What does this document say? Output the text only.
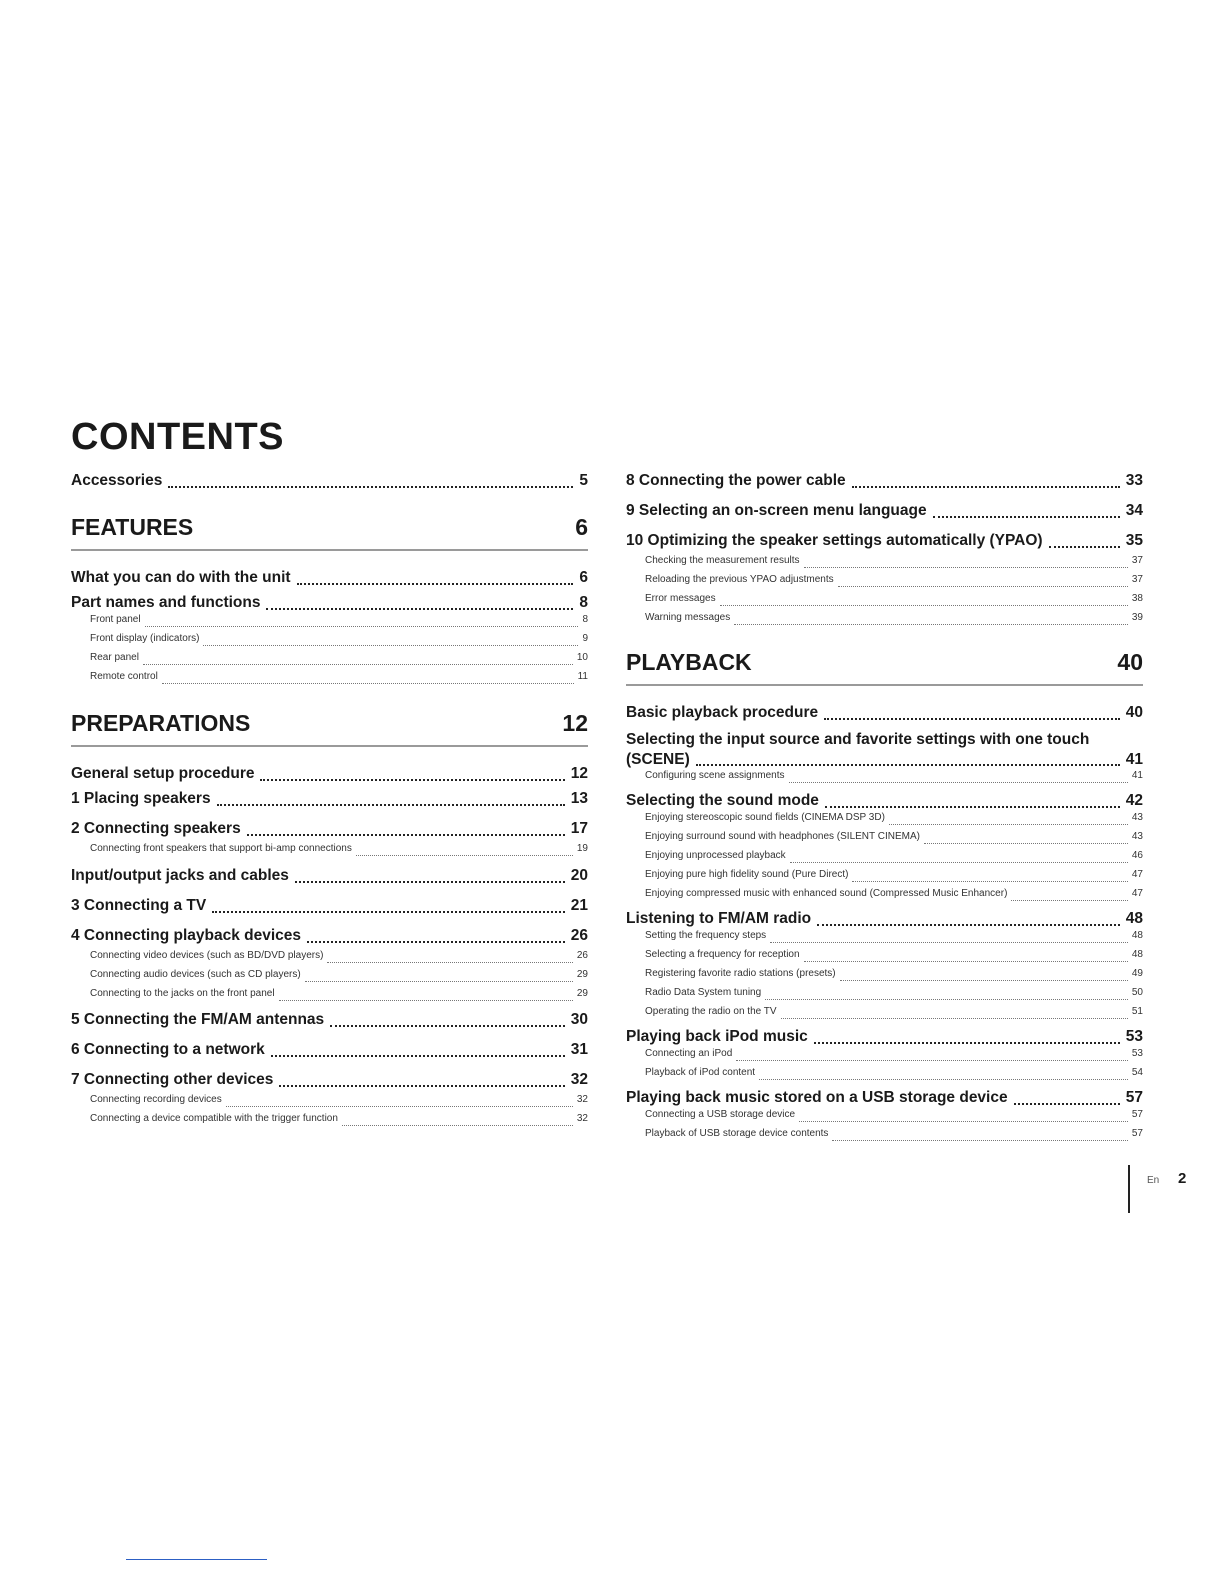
CONTENTS
Accessories	5
FEATURES	6
What you can do with the unit	6
Part names and functions	8
Front panel	8
Front display (indicators)	9
Rear panel	10
Remote control	11
PREPARATIONS	12
General setup procedure	12
1 Placing speakers	13
2 Connecting speakers	17
Connecting front speakers that support bi-amp connections	19
Input/output jacks and cables	20
3 Connecting a TV	21
4 Connecting playback devices	26
Connecting video devices (such as BD/DVD players)	26
Connecting audio devices (such as CD players)	29
Connecting to the jacks on the front panel	29
5 Connecting the FM/AM antennas	30
6 Connecting to a network	31
7 Connecting other devices	32
Connecting recording devices	32
Connecting a device compatible with the trigger function	32
8 Connecting the power cable	33
9 Selecting an on-screen menu language	34
10 Optimizing the speaker settings automatically (YPAO)	35
Checking the measurement results	37
Reloading the previous YPAO adjustments	37
Error messages	38
Warning messages	39
PLAYBACK	40
Basic playback procedure	40
Selecting the input source and favorite settings with one touch
(SCENE)	41
Configuring scene assignments	41
Selecting the sound mode	42
Enjoying stereoscopic sound fields (CINEMA DSP 3D)	43
Enjoying surround sound with headphones (SILENT CINEMA)	43
Enjoying unprocessed playback	46
Enjoying pure high fidelity sound (Pure Direct)	47
Enjoying compressed music with enhanced sound (Compressed Music Enhancer)	47
Listening to FM/AM radio	48
Setting the frequency steps	48
Selecting a frequency for reception	48
Registering favorite radio stations (presets)	49
Radio Data System tuning	50
Operating the radio on the TV	51
Playing back iPod music	53
Connecting an iPod	53
Playback of iPod content	54
Playing back music stored on a USB storage device	57
Connecting a USB storage device	57
Playback of USB storage device contents	57
En 2
